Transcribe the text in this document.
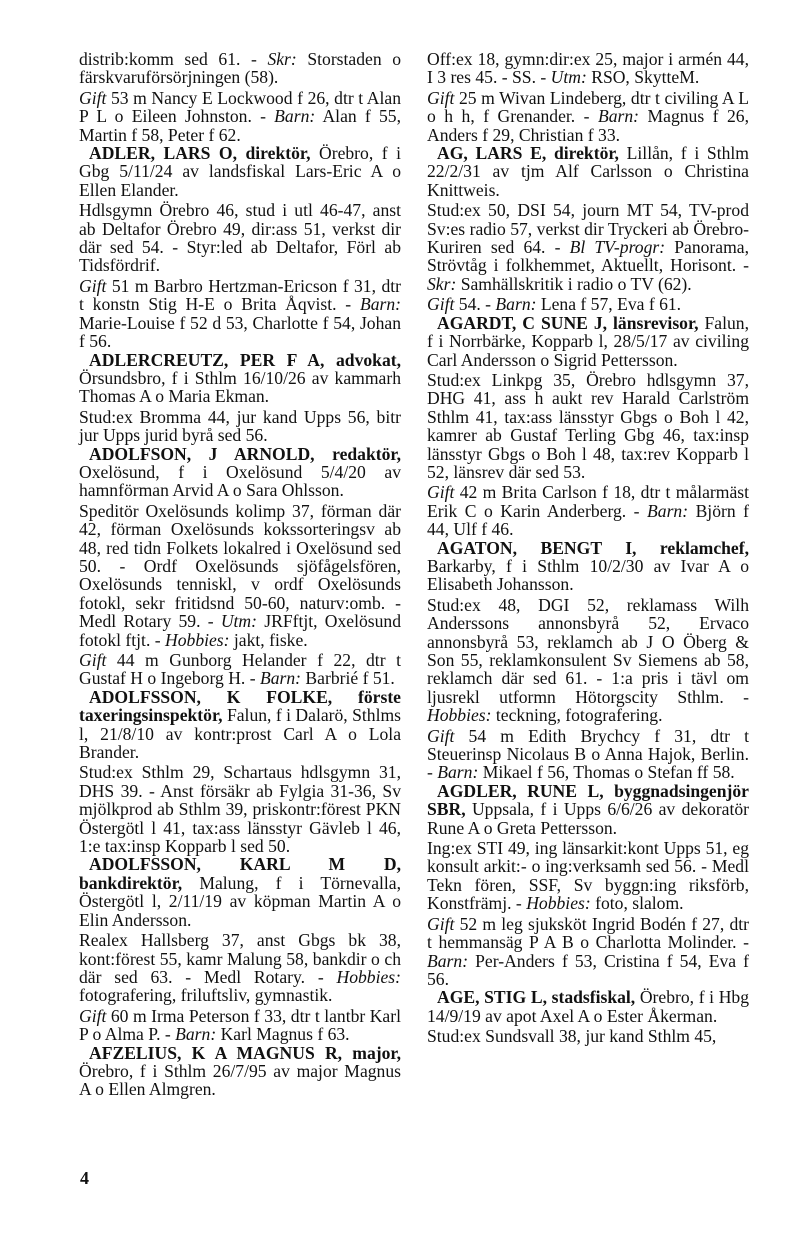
distrib:komm sed 61. - Skr: Storstaden o färskvaruförsörjningen (58).

Gift 53 m Nancy E Lockwood f 26, dtr t Alan P L o Eileen Johnston. - Barn: Alan f 55, Martin f 58, Peter f 62.

ADLER, LARS O, direktör, Örebro, f i Gbg 5/11/24 av landsfiskal Lars-Eric A o Ellen Elander.

Hdlsgymn Örebro 46, stud i utl 46-47, anst ab Deltafor Örebro 49, dir:ass 51, verkst dir där sed 54. - Styr:led ab Deltafor, Förl ab Tidsfördrif.

Gift 51 m Barbro Hertzman-Ericson f 31, dtr t konstn Stig H-E o Brita Åqvist. - Barn: Marie-Louise f 52 d 53, Charlotte f 54, Johan f 56.

ADLERCREUTZ, PER F A, advokat, Örsundsbro, f i Sthlm 16/10/26 av kammarh Thomas A o Maria Ekman.

Stud:ex Bromma 44, jur kand Upps 56, bitr jur Upps jurid byrå sed 56.

ADOLFSON, J ARNOLD, redaktör, Oxelösund, f i Oxelösund 5/4/20 av hamnförman Arvid A o Sara Ohlsson.

Speditör Oxelösunds kolimp 37, förman där 42, förman Oxelösunds kokssorteringsv ab 48, red tidn Folkets lokalred i Oxelösund sed 50. - Ordf Oxelösunds sjöfågelsfören, Oxelösunds tenniskl, v ordf Oxelösunds fotokl, sekr fritidsnd 50-60, naturv:omb. - Medl Rotary 59. - Utm: JRFftjt, Oxelösund fotokl ftjt. - Hobbies: jakt, fiske.

Gift 44 m Gunborg Helander f 22, dtr t Gustaf H o Ingeborg H. - Barn: Barbrié f 51.

ADOLFSSON, K FOLKE, förste taxeringsinspektör, Falun, f i Dalarö, Sthlms l, 21/8/10 av kontr:prost Carl A o Lola Brander.

Stud:ex Sthlm 29, Schartaus hdlsgymn 31, DHS 39. - Anst försäkr ab Fylgia 31-36, Sv mjölkprod ab Sthlm 39, priskontr:förest PKN Östergötl l 41, tax:ass länsstyr Gävleb l 46, 1:e tax:insp Kopparb l sed 50.

ADOLFSSON, KARL M D, bankdirektör, Malung, f i Törnevalla, Östergötl l, 2/11/19 av köpman Martin A o Elin Andersson.

Realex Hallsberg 37, anst Gbgs bk 38, kont:förest 55, kamr Malung 58, bankdir o ch där sed 63. - Medl Rotary. - Hobbies: fotografering, friluftsliv, gymnastik.

Gift 60 m Irma Peterson f 33, dtr t lantbr Karl P o Alma P. - Barn: Karl Magnus f 63.

AFZELIUS, K A MAGNUS R, major, Örebro, f i Sthlm 26/7/95 av major Magnus A o Ellen Almgren.

Off:ex 18, gymn:dir:ex 25, major i armén 44, I 3 res 45. - SS. - Utm: RSO, SkytteM.

Gift 25 m Wivan Lindeberg, dtr t civiling A L o h h, f Grenander. - Barn: Magnus f 26, Anders f 29, Christian f 33.

AG, LARS E, direktör, Lillån, f i Sthlm 22/2/31 av tjm Alf Carlsson o Christina Knittweis.

Stud:ex 50, DSI 54, journ MT 54, TV-prod Sv:es radio 57, verkst dir Tryckeri ab Örebro-Kuriren sed 64. - Bl TV-progr: Panorama, Strövtåg i folkhemmet, Aktuellt, Horisont. - Skr: Samhällskritik i radio o TV (62).

Gift 54. - Barn: Lena f 57, Eva f 61.

AGARDT, C SUNE J, länsrevisor, Falun, f i Norrbärke, Kopparb l, 28/5/17 av civiling Carl Andersson o Sigrid Pettersson.

Stud:ex Linkpg 35, Örebro hdlsgymn 37, DHG 41, ass h aukt rev Harald Carlström Sthlm 41, tax:ass länsstyr Gbgs o Boh l 42, kamrer ab Gustaf Terling Gbg 46, tax:insp länsstyr Gbgs o Boh l 48, tax:rev Kopparb l 52, länsrev där sed 53.

Gift 42 m Brita Carlson f 18, dtr t målarmäst Erik C o Karin Anderberg. - Barn: Björn f 44, Ulf f 46.

AGATON, BENGT I, reklamchef, Barkarby, f i Sthlm 10/2/30 av Ivar A o Elisabeth Johansson.

Stud:ex 48, DGI 52, reklamass Wilh Anderssons annonsbyrå 52, Ervaco annonsbyrå 53, reklamch ab J O Öberg & Son 55, reklamkonsulent Sv Siemens ab 58, reklamch där sed 61. - 1:a pris i tävl om ljusrekl utformn Hötorgscity Sthlm. - Hobbies: teckning, fotografering.

Gift 54 m Edith Brychcy f 31, dtr t Steuerinsp Nicolaus B o Anna Hajok, Berlin. - Barn: Mikael f 56, Thomas o Stefan ff 58.

AGDLER, RUNE L, byggnadsingenjör SBR, Uppsala, f i Upps 6/6/26 av dekoratör Rune A o Greta Pettersson.

Ing:ex STI 49, ing länsarkit:kont Upps 51, eg konsult arkit:- o ing:verksamh sed 56. - Medl Tekn fören, SSF, Sv byggn:ing riksförb, Konstfrämj. - Hobbies: foto, slalom.

Gift 52 m leg sjuksköt Ingrid Bodén f 27, dtr t hemmansäg P A B o Charlotta Molinder. - Barn: Per-Anders f 53, Cristina f 54, Eva f 56.

AGE, STIG L, stadsfiskal, Örebro, f i Hbg 14/9/19 av apot Axel A o Ester Åkerman.

Stud:ex Sundsvall 38, jur kand Sthlm 45,

4
